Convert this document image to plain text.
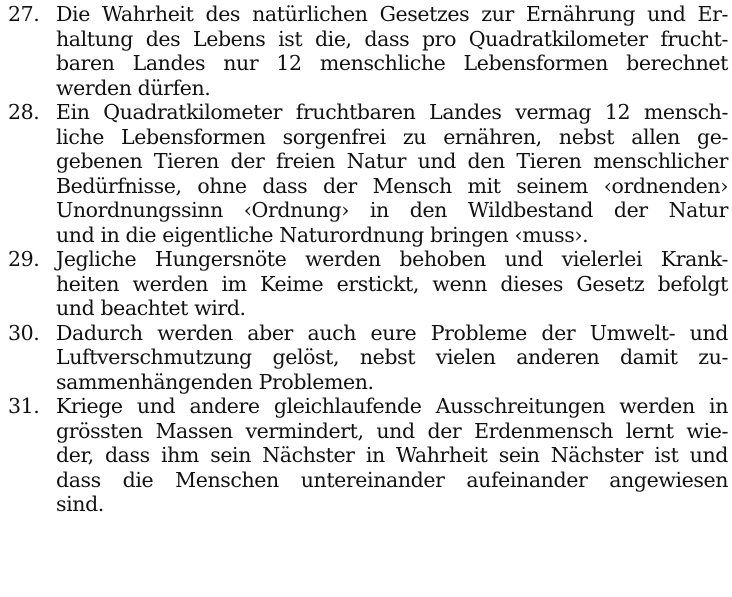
27. Die Wahrheit des natürlichen Gesetzes zur Ernährung und Er-
haltung des Lebens ist die, dass pro Quadratkilometer frucht-
baren Landes nur 12 menschliche Lebensformen berechnet
werden dürfen.
28. Ein Quadratkilometer fruchtbaren Landes vermag 12 mensch-
liche Lebensformen sorgenfrei zu ernähren, nebst allen ge-
gebenen Tieren der freien Natur und den Tieren menschlicher
Bedürfnisse, ohne dass der Mensch mit seinem ‹ordnenden›
Unordnungssinn ‹Ordnung› in den Wildbestand der Natur
und in die eigentliche Naturordnung bringen ‹muss›.
29. Jegliche Hungersnöte werden behoben und vielerlei Krank-
heiten werden im Keime erstickt, wenn dieses Gesetz befolgt
und beachtet wird.
30. Dadurch werden aber auch eure Probleme der Umwelt- und
Luftverschmutzung gelöst, nebst vielen anderen damit zu-
sammenhängenden Problemen.
31. Kriege und andere gleichlaufende Ausschreitungen werden in
grössten Massen vermindert, und der Erdenmensch lernt wie-
der, dass ihm sein Nächster in Wahrheit sein Nächster ist und
dass die Menschen untereinander aufeinander angewiesen
sind.
